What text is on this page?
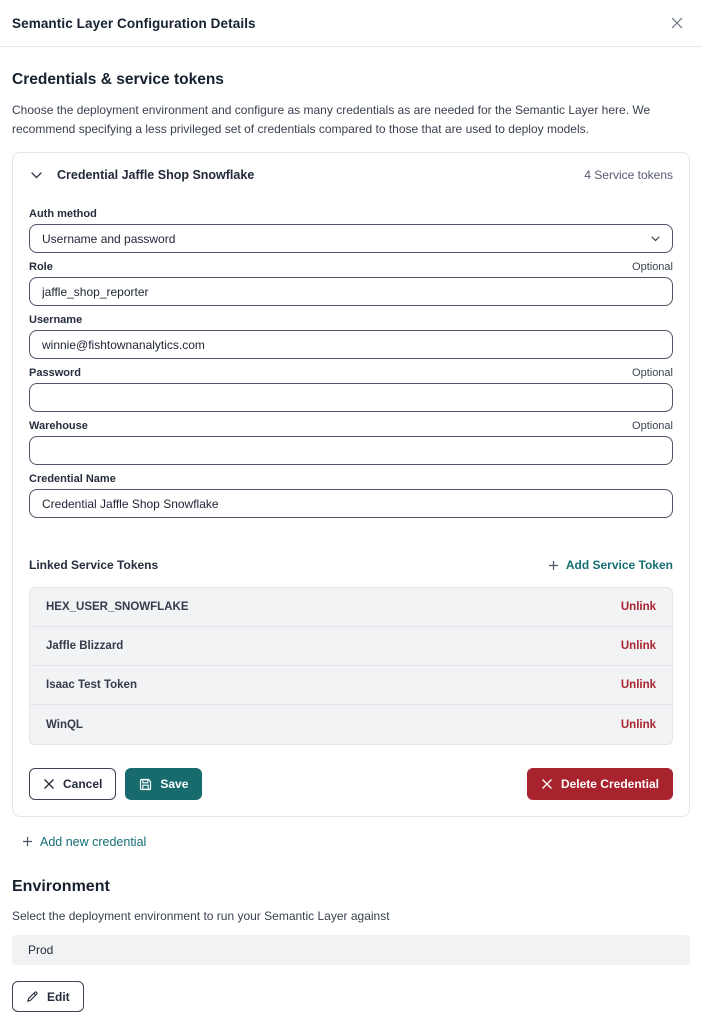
Semantic Layer Configuration Details
Credentials & service tokens

Choose the deployment environment and configure as many credentials as are needed for the Semantic Layer here. We recommend specifying a less privileged set of credentials compared to those that are used to deploy models.

Credential Jaffle Shop Snowflake	4 Service tokens
Auth method
Username and password
Role	Optional
jaffle_shop_reporter
Username
winnie@fishtownanalytics.com
Password	Optional
Warehouse	Optional
Credential Name
Credential Jaffle Shop Snowflake
Linked Service Tokens	Add Service Token
HEX_USER_SNOWFLAKE	Unlink
Jaffle Blizzard	Unlink
Isaac Test Token	Unlink
WinQL	Unlink
Cancel	Save	Delete Credential
Add new credential
Environment

Select the deployment environment to run your Semantic Layer against

Prod
Edit
